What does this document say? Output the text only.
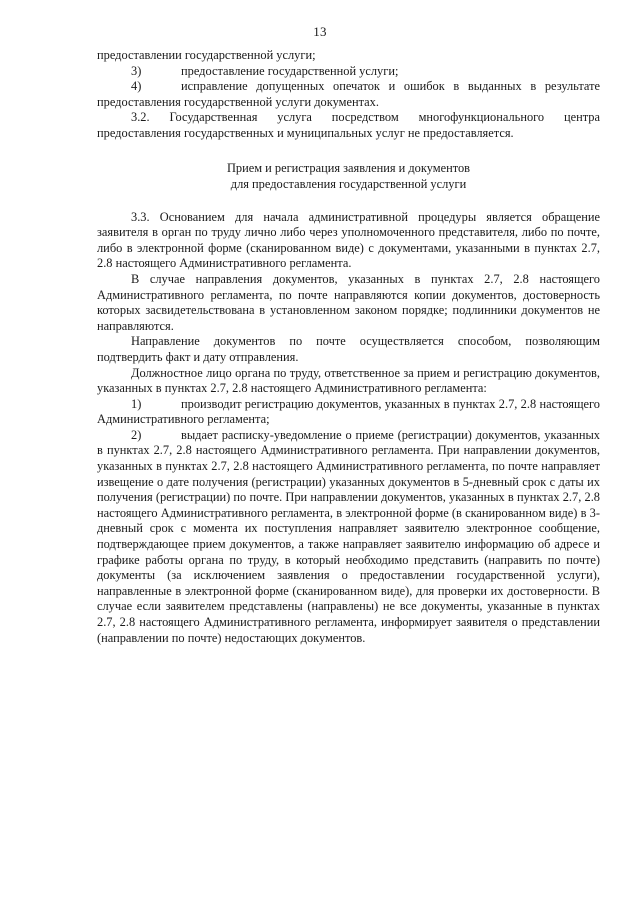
13

предоставлении государственной услуги;

3)	предоставление государственной услуги;

4)	исправление допущенных опечаток и ошибок в выданных в результате предоставления государственной услуги документах.

3.2. Государственная услуга посредством многофункционального центра предоставления государственных и муниципальных услуг не предоставляется.

Прием и регистрация заявления и документов
для предоставления государственной услуги

3.3. Основанием для начала административной процедуры является обращение заявителя в орган по труду лично либо через уполномоченного представителя, либо по почте, либо в электронной форме (сканированном виде) с документами, указанными в пунктах 2.7, 2.8 настоящего Административного регламента.

В случае направления документов, указанных в пунктах 2.7, 2.8 настоящего Административного регламента, по почте направляются копии документов, достоверность которых засвидетельствована в установленном законом порядке; подлинники документов не направляются.

Направление документов по почте осуществляется способом, позволяющим подтвердить факт и дату отправления.

Должностное лицо органа по труду, ответственное за прием и регистрацию документов, указанных в пунктах 2.7, 2.8 настоящего Административного регламента:

1)	производит регистрацию документов, указанных в пунктах 2.7, 2.8 настоящего Административного регламента;

2)	выдает расписку-уведомление о приеме (регистрации) документов, указанных в пунктах 2.7, 2.8 настоящего Административного регламента. При направлении документов, указанных в пунктах 2.7, 2.8 настоящего Административного регламента, по почте направляет извещение о дате получения (регистрации) указанных документов в 5-дневный срок с даты их получения (регистрации) по почте. При направлении документов, указанных в пунктах 2.7, 2.8 настоящего Административного регламента, в электронной форме (в сканированном виде) в 3-дневный срок с момента их поступления направляет заявителю электронное сообщение, подтверждающее прием документов, а также направляет заявителю информацию об адресе и графике работы органа по труду, в который необходимо представить (направить по почте) документы (за исключением заявления о предоставлении государственной услуги), направленные в электронной форме (сканированном виде), для проверки их достоверности. В случае если заявителем представлены (направлены) не все документы, указанные в пунктах 2.7, 2.8 настоящего Административного регламента, информирует заявителя о представлении (направлении по почте) недостающих документов.
